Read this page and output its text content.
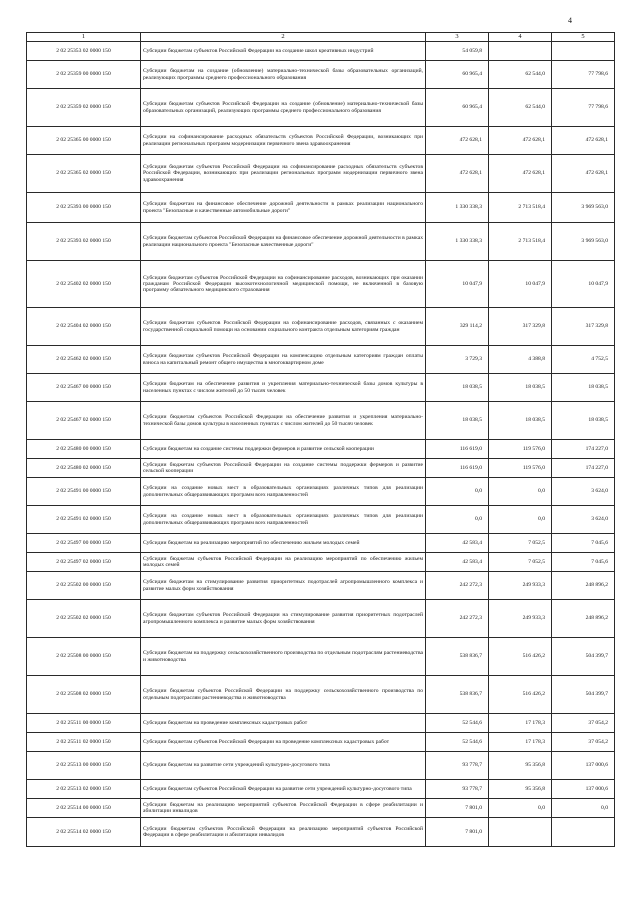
4
1	2	3	4	5
2 02 25353 02 0000 150	Субсидии бюджетам субъектов Российской Федерации на создание школ креативных индустрий	54 059,8		
2 02 25359 00 0000 150	Субсидии бюджетам на создание (обновление) материально-технической базы образовательных организаций, реализующих программы среднего профессионального образования	60 965,4	62 544,0	77 798,6
2 02 25359 02 0000 150	Субсидии бюджетам субъектов Российской Федерации на создание (обновление) материально-технической базы образовательных организаций, реализующих программы среднего профессионального образования	60 965,4	62 544,0	77 798,6
2 02 25365 00 0000 150	Субсидии на софинансирование расходных обязательств субъектов Российской Федерации, возникающих при реализации региональных программ модернизации первичного звена здравоохранения	472 628,1	472 628,1	472 628,1
2 02 25365 02 0000 150	Субсидии бюджетам субъектов Российской Федерации на софинансирование расходных обязательств субъектов Российской Федерации, возникающих при реализации региональных программ модернизации первичного звена здравоохранения	472 628,1	472 628,1	472 628,1
2 02 25393 00 0000 150	Субсидии бюджетам на финансовое обеспечение дорожной деятельности в рамках реализации национального проекта "Безопасные и качественные автомобильные дороги"	1 330 338,3	2 713 518,4	3 969 563,0
2 02 25393 02 0000 150	Субсидии бюджетам субъектов Российской Федерации на финансовое обеспечение дорожной деятельности в рамках реализации национального проекта "Безопасные качественные дороги"	1 330 338,3	2 713 518,4	3 969 563,0
2 02 25402 02 0000 150	Субсидии бюджетам субъектов Российской Федерации на софинансирование расходов, возникающих при оказании гражданам Российской Федерации высокотехнологичной медицинской помощи, не включенной в базовую программу обязательного медицинского страхования	10 047,9	10 047,9	10 047,9
2 02 25404 02 0000 150	Субсидии бюджетам субъектов Российской Федерации на софинансирование расходов, связанных с оказанием государственной социальной помощи на основании социального контракта отдельным категориям граждан	329 114,2	317 329,8	317 329,8
2 02 25462 02 0000 150	Субсидии бюджетам субъектов Российской Федерации на компенсацию отдельным категориям граждан оплаты взноса на капитальный ремонт общего имущества в многоквартирном доме	3 729,3	4 388,8	4 752,5
2 02 25467 00 0000 150	Субсидии бюджетам на обеспечение развития и укрепления материально-технической базы домов культуры в населенных пунктах с числом жителей до 50 тысяч человек	18 038,5	18 038,5	18 038,5
2 02 25467 02 0000 150	Субсидии бюджетам субъектов Российской Федерации на обеспечение развития и укрепления материально-технической базы домов культуры в населенных пунктах с числом жителей до 50 тысяч человек	18 038,5	18 038,5	18 038,5
2 02 25480 00 0000 150	Субсидии бюджетам на создание системы поддержки фермеров и развитие сельской кооперации	116 619,0	119 576,0	174 227,0
2 02 25480 02 0000 150	Субсидии бюджетам субъектов Российской Федерации на создание системы поддержки фермеров и развитие сельской кооперации	116 619,0	119 576,0	174 227,0
2 02 25491 00 0000 150	Субсидии на создание новых мест в образовательных организациях различных типов для реализации дополнительных общеразвивающих программ всех направленностей	0,0	0,0	3 624,0
2 02 25491 02 0000 150	Субсидии на создание новых мест в образовательных организациях различных типов для реализации дополнительных общеразвивающих программ всех направленностей	0,0	0,0	3 624,0
2 02 25497 00 0000 150	Субсидии бюджетам на реализацию мероприятий по обеспечению жильем молодых семей	42 583,4	7 052,5	7 045,6
2 02 25497 02 0000 150	Субсидии бюджетам субъектов Российской Федерации на реализацию мероприятий по обеспечению жильем молодых семей	42 583,4	7 052,5	7 045,6
2 02 25502 00 0000 150	Субсидии бюджетам на стимулирование развития приоритетных подотраслей агропромышленного комплекса и развитие малых форм хозяйствования	242 272,3	249 933,3	248 896,2
2 02 25502 02 0000 150	Субсидии бюджетам субъектов Российской Федерации на стимулирование развития приоритетных подотраслей агропромышленного комплекса и развитие малых форм хозяйствования	242 272,3	249 933,3	248 896,2
2 02 25508 00 0000 150	Субсидии бюджетам на поддержку сельскохозяйственного производства по отдельным подотраслям растениеводства и животноводства	538 836,7	516 426,2	504 399,7
2 02 25508 02 0000 150	Субсидии бюджетам субъектов Российской Федерации на поддержку сельскохозяйственного производства по отдельным подотраслям растениеводства и животноводства	538 836,7	516 426,2	504 399,7
2 02 25511 00 0000 150	Субсидии бюджетам на проведение комплексных кадастровых работ	52 544,6	17 178,3	37 054,2
2 02 25511 02 0000 150	Субсидии бюджетам субъектов Российской Федерации на проведение комплексных кадастровых работ	52 544,6	17 178,3	37 054,2
2 02 25513 00 0000 150	Субсидии бюджетам на развитие сети учреждений культурно-досугового типа	93 778,7	95 356,8	137 000,6
2 02 25513 02 0000 150	Субсидии бюджетам субъектов Российской Федерации на развитие сети учреждений культурно-досугового типа	93 778,7	95 356,8	137 000,6
2 02 25514 00 0000 150	Субсидии бюджетам на реализацию мероприятий субъектов Российской Федерации в сфере реабилитации и абилитации инвалидов	7 801,0	0,0	0,0
2 02 25514 02 0000 150	Субсидии бюджетам субъектов Российской Федерации на реализацию мероприятий субъектов Российской Федерации в сфере реабилитации и абилитации инвалидов	7 801,0		
